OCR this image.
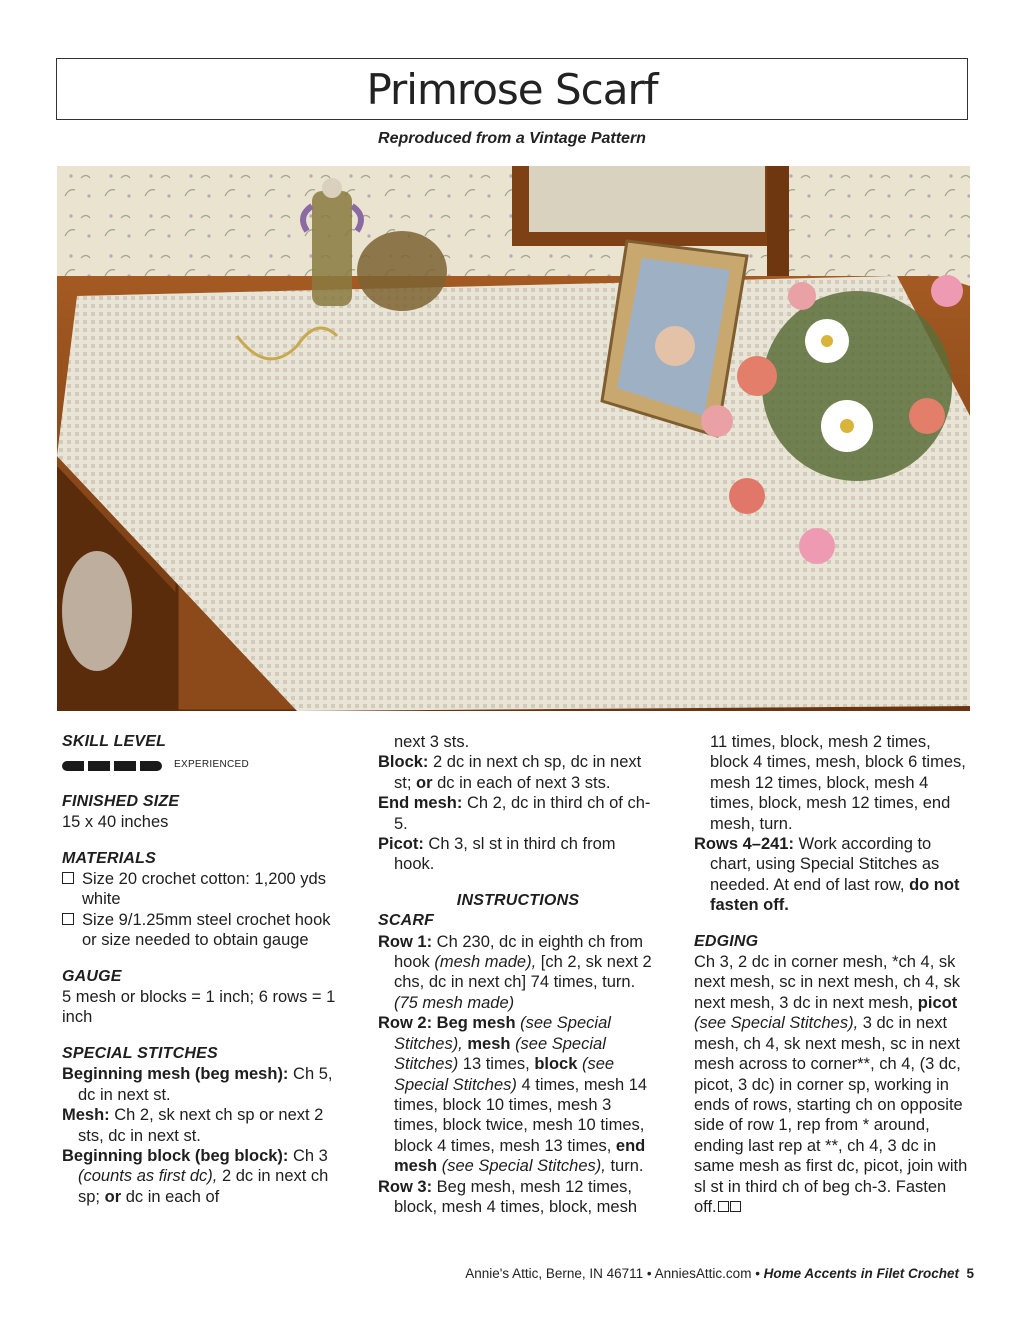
Primrose Scarf
Reproduced from a Vintage Pattern
SKILL LEVEL
EXPERIENCED
FINISHED SIZE

15 x 40 inches

MATERIALS

Size 20 crochet cotton: 1,200 yds white

Size 9/1.25mm steel crochet hook or size needed to obtain gauge

GAUGE

5 mesh or blocks = 1 inch; 6 rows = 1 inch

SPECIAL STITCHES

Beginning mesh (beg mesh): Ch 5, dc in next st.

Mesh: Ch 2, sk next ch sp or next 2 sts, dc in next st.

Beginning block (beg block): Ch 3 (counts as first dc), 2 dc in next ch sp; or dc in each of

next 3 sts.

Block: 2 dc in next ch sp, dc in next st; or dc in each of next 3 sts.

End mesh: Ch 2, dc in third ch of ch-5.

Picot: Ch 3, sl st in third ch from hook.

INSTRUCTIONS
SCARF

Row 1: Ch 230, dc in eighth ch from hook (mesh made), [ch 2, sk next 2 chs, dc in next ch] 74 times, turn. (75 mesh made)

Row 2: Beg mesh (see Special Stitches), mesh (see Special Stitches) 13 times, block (see Special Stitches) 4 times, mesh 14 times, block 10 times, mesh 3 times, block twice, mesh 10 times, block 4 times, mesh 13 times, end mesh (see Special Stitches), turn.

Row 3: Beg mesh, mesh 12 times, block, mesh 4 times, block, mesh

11 times, block, mesh 2 times, block 4 times, mesh, block 6 times, mesh 12 times, block, mesh 4 times, block, mesh 12 times, end mesh, turn.

Rows 4–241: Work according to chart, using Special Stitches as needed. At end of last row, do not fasten off.

EDGING

Ch 3, 2 dc in corner mesh, *ch 4, sk next mesh, sc in next mesh, ch 4, sk next mesh, 3 dc in next mesh, picot (see Special Stitches), 3 dc in next mesh, ch 4, sk next mesh, sc in next mesh across to corner**, ch 4, (3 dc, picot, 3 dc) in corner sp, working in ends of rows, starting ch on opposite side of row 1, rep from * around, ending last rep at **, ch 4, 3 dc in same mesh as first dc, picot, join with sl st in third ch of beg ch-3. Fasten off.

Annie's Attic, Berne, IN 46711 • AnniesAttic.com • Home Accents in Filet Crochet 5
